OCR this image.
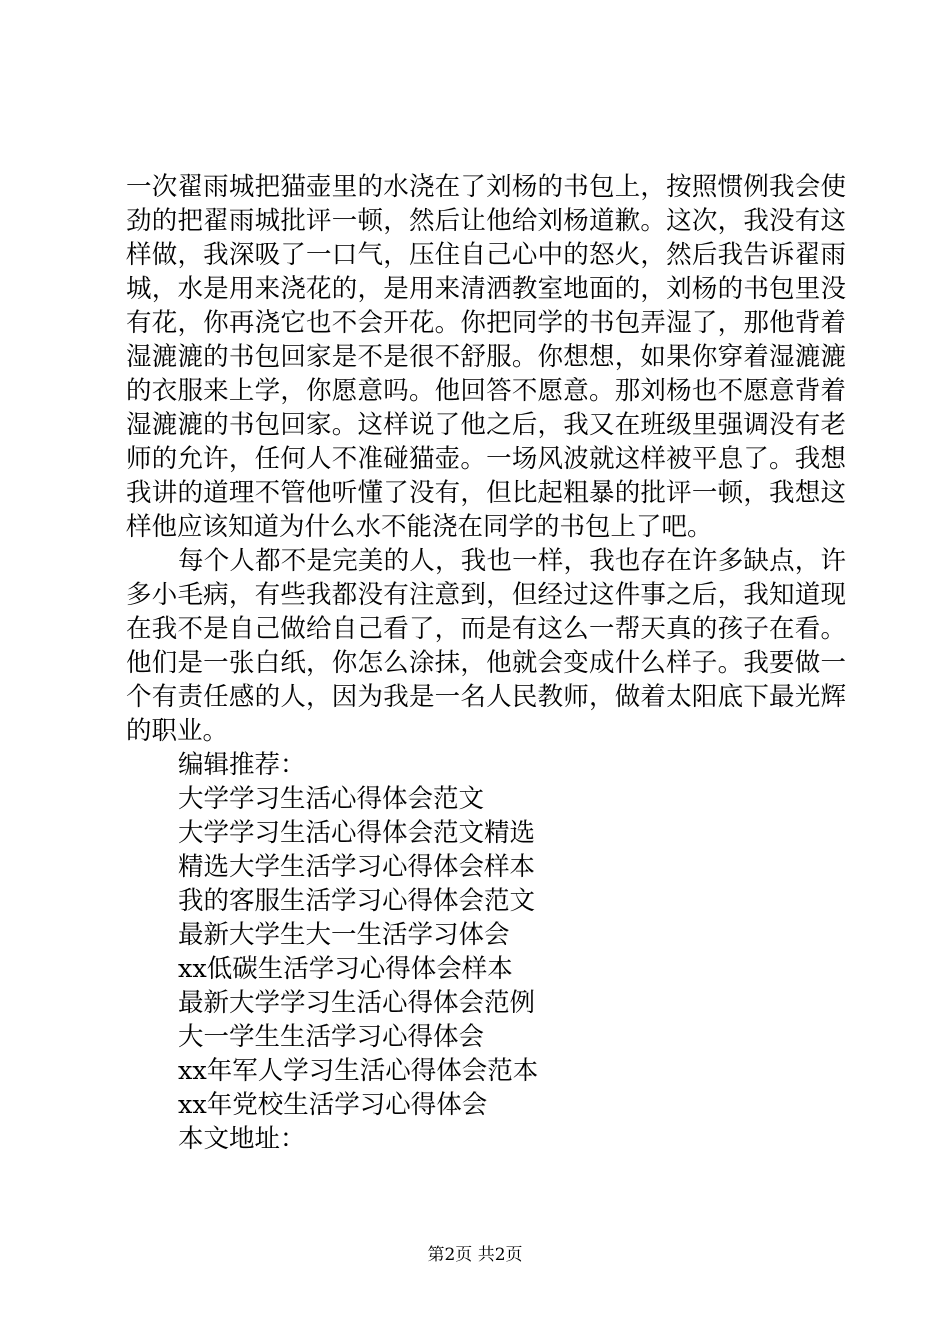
一次翟雨城把猫壶里的水浇在了刘杨的书包上，按照惯例我会使劲的把翟雨城批评一顿，然后让他给刘杨道歉。这次，我没有这样做，我深吸了一口气，压住自己心中的怒火，然后我告诉翟雨城，水是用来浇花的，是用来清洒教室地面的，刘杨的书包里没有花，你再浇它也不会开花。你把同学的书包弄湿了，那他背着湿漉漉的书包回家是不是很不舒服。你想想，如果你穿着湿漉漉的衣服来上学，你愿意吗。他回答不愿意。那刘杨也不愿意背着湿漉漉的书包回家。这样说了他之后，我又在班级里强调没有老师的允许，任何人不准碰猫壶。一场风波就这样被平息了。我想我讲的道理不管他听懂了没有，但比起粗暴的批评一顿，我想这样他应该知道为什么水不能浇在同学的书包上了吧。

每个人都不是完美的人，我也一样，我也存在许多缺点，许多小毛病，有些我都没有注意到，但经过这件事之后，我知道现在我不是自己做给自己看了，而是有这么一帮天真的孩子在看。他们是一张白纸，你怎么涂抹，他就会变成什么样子。我要做一个有责任感的人，因为我是一名人民教师，做着太阳底下最光辉的职业。

编辑推荐：
大学学习生活心得体会范文
大学学习生活心得体会范文精选
精选大学生活学习心得体会样本
我的客服生活学习心得体会范文
最新大学生大一生活学习体会
xx低碳生活学习心得体会样本
最新大学学习生活心得体会范例
大一学生生活学习心得体会
xx年军人学习生活心得体会范本
xx年党校生活学习心得体会
本文地址：
第2页 共2页
